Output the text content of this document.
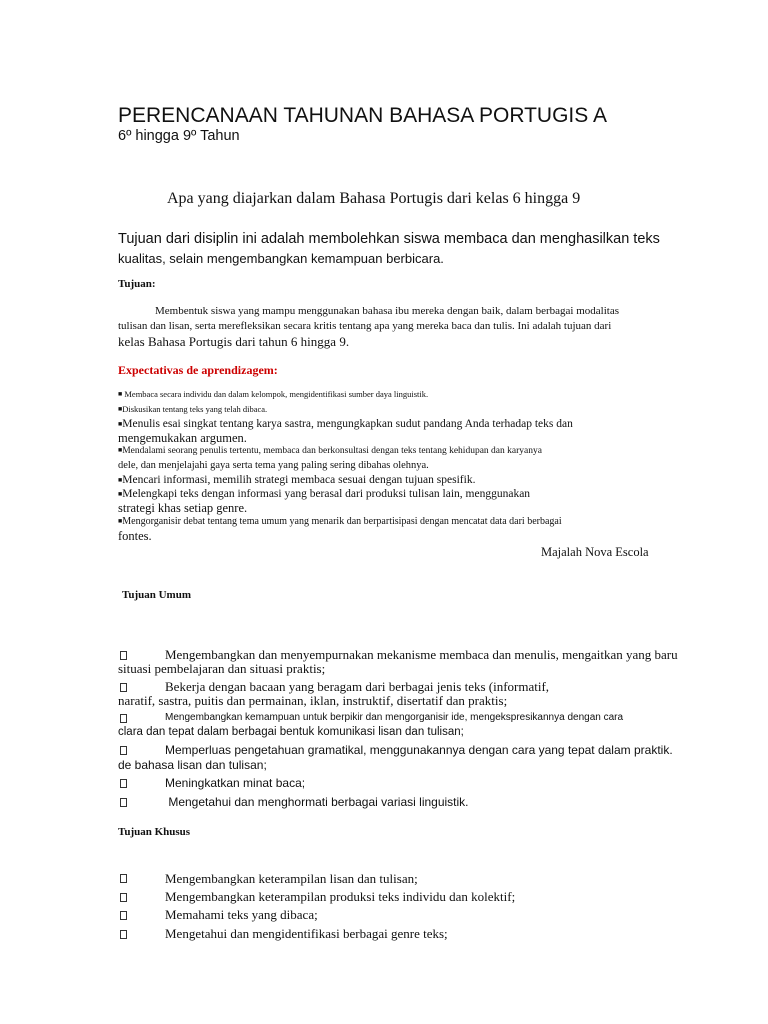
PERENCANAAN TAHUNAN BAHASA PORTUGIS A
6º hingga 9º Tahun
Apa yang diajarkan dalam Bahasa Portugis dari kelas 6 hingga 9
Tujuan dari disiplin ini adalah membolehkan siswa membaca dan menghasilkan teks
kualitas, selain mengembangkan kemampuan berbicara.
Tujuan:
Membentuk siswa yang mampu menggunakan bahasa ibu mereka dengan baik, dalam berbagai modalitas
tulisan dan lisan, serta merefleksikan secara kritis tentang apa yang mereka baca dan tulis. Ini adalah tujuan dari
kelas Bahasa Portugis dari tahun 6 hingga 9.
Expectativas de aprendizagem:
■ Membaca secara individu dan dalam kelompok, mengidentifikasi sumber daya linguistik.
■Diskusikan tentang teks yang telah dibaca.
■Menulis esai singkat tentang karya sastra, mengungkapkan sudut pandang Anda terhadap teks dan
mengemukakan argumen.
■Mendalami seorang penulis tertentu, membaca dan berkonsultasi dengan teks tentang kehidupan dan karyanya
dele, dan menjelajahi gaya serta tema yang paling sering dibahas olehnya.
■Mencari informasi, memilih strategi membaca sesuai dengan tujuan spesifik.
■Melengkapi teks dengan informasi yang berasal dari produksi tulisan lain, menggunakan
strategi khas setiap genre.
■Mengorganisir debat tentang tema umum yang menarik dan berpartisipasi dengan mencatat data dari berbagai
fontes.
Majalah Nova Escola
Tujuan Umum
Mengembangkan dan menyempurnakan mekanisme membaca dan menulis, mengaitkan yang baru
situasi pembelajaran dan situasi praktis;
Bekerja dengan bacaan yang beragam dari berbagai jenis teks (informatif,
naratif, sastra, puitis dan permainan, iklan, instruktif, disertatif dan praktis;
Mengembangkan kemampuan untuk berpikir dan mengorganisir ide, mengekspresikannya dengan cara
clara dan tepat dalam berbagai bentuk komunikasi lisan dan tulisan;
Memperluas pengetahuan gramatikal, menggunakannya dengan cara yang tepat dalam praktik.
de bahasa lisan dan tulisan;
Meningkatkan minat baca;
Mengetahui dan menghormati berbagai variasi linguistik.
Tujuan Khusus
Mengembangkan keterampilan lisan dan tulisan;
Mengembangkan keterampilan produksi teks individu dan kolektif;
Memahami teks yang dibaca;
Mengetahui dan mengidentifikasi berbagai genre teks;
